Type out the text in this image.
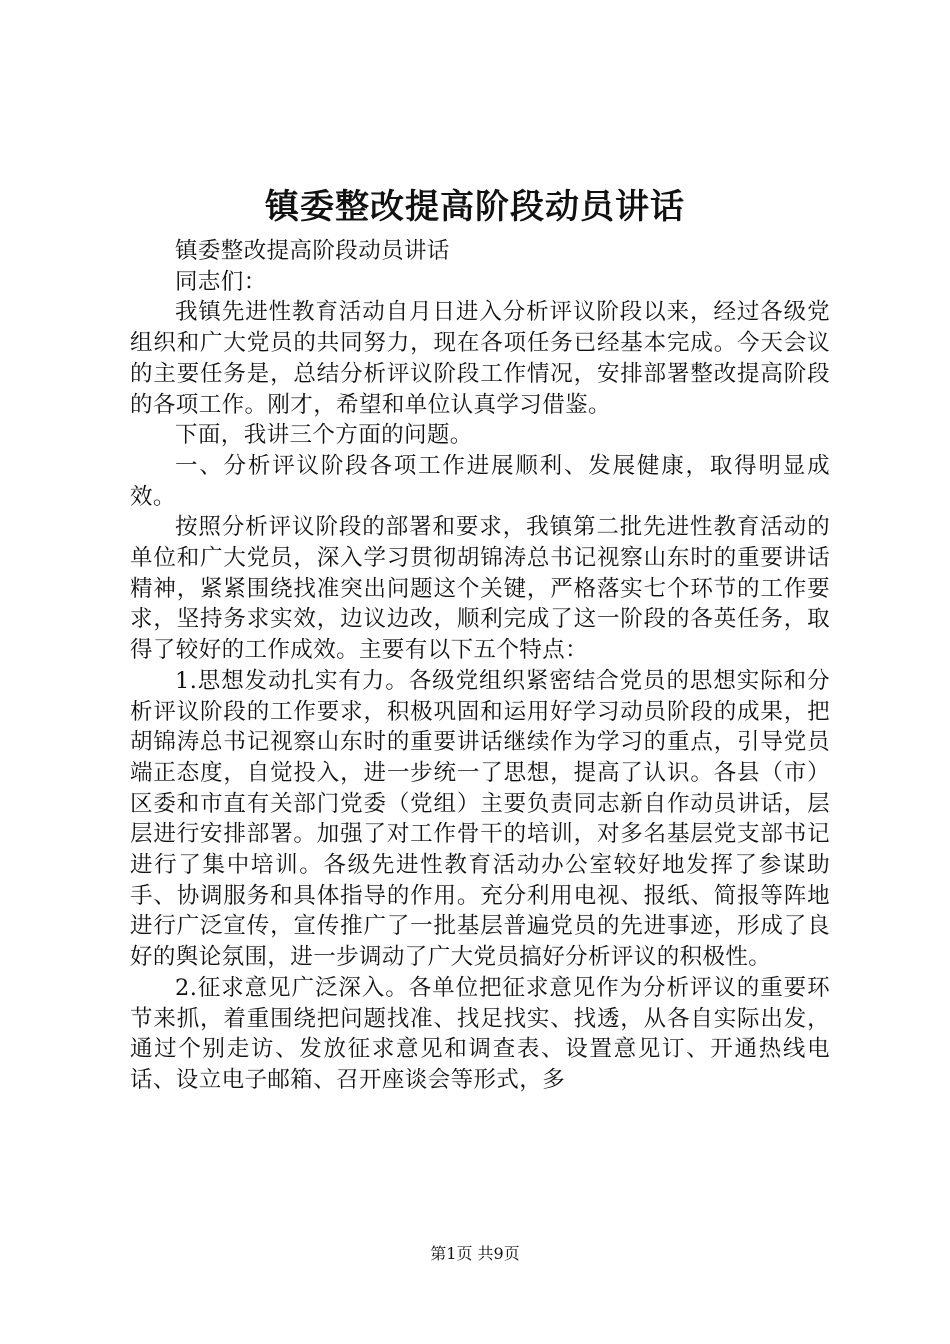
镇委整改提高阶段动员讲话

镇委整改提高阶段动员讲话

同志们：

我镇先进性教育活动自月日进入分析评议阶段以来，经过各级党组织和广大党员的共同努力，现在各项任务已经基本完成。今天会议的主要任务是，总结分析评议阶段工作情况，安排部署整改提高阶段的各项工作。刚才，希望和单位认真学习借鉴。

下面，我讲三个方面的问题。

一、分析评议阶段各项工作进展顺利、发展健康，取得明显成效。

按照分析评议阶段的部署和要求，我镇第二批先进性教育活动的单位和广大党员，深入学习贯彻胡锦涛总书记视察山东时的重要讲话精神，紧紧围绕找准突出问题这个关键，严格落实七个环节的工作要求，坚持务求实效，边议边改，顺利完成了这一阶段的各英任务，取得了较好的工作成效。主要有以下五个特点：

1.思想发动扎实有力。各级党组织紧密结合党员的思想实际和分析评议阶段的工作要求，积极巩固和运用好学习动员阶段的成果，把胡锦涛总书记视察山东时的重要讲话继续作为学习的重点，引导党员端正态度，自觉投入，进一步统一了思想，提高了认识。各县（市）区委和市直有关部门党委（党组）主要负责同志新自作动员讲话，层层进行安排部署。加强了对工作骨干的培训，对多名基层党支部书记进行了集中培训。各级先进性教育活动办公室较好地发挥了参谋助手、协调服务和具体指导的作用。充分利用电视、报纸、简报等阵地进行广泛宣传，宣传推广了一批基层普遍党员的先进事迹，形成了良好的舆论氛围，进一步调动了广大党员搞好分析评议的积极性。

2.征求意见广泛深入。各单位把征求意见作为分析评议的重要环节来抓，着重围绕把问题找准、找足找实、找透，从各自实际出发，通过个别走访、发放征求意见和调查表、设置意见订、开通热线电话、设立电子邮箱、召开座谈会等形式，多

第1页 共9页
